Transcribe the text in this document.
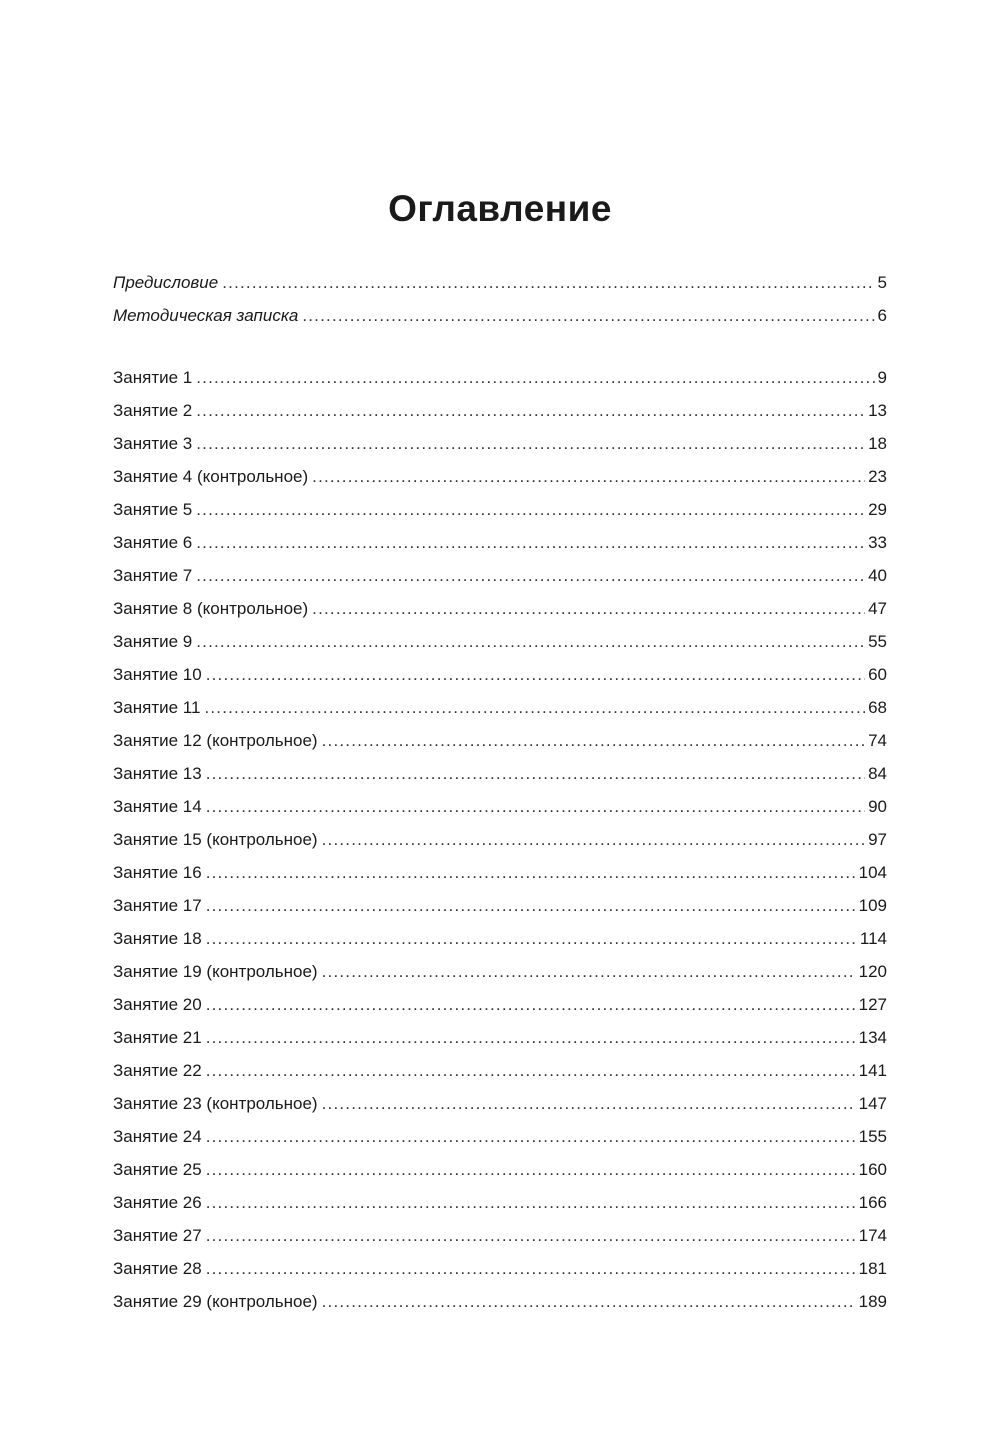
Оглавление
Предисловие .....	5
Методическая записка .....	6
Занятие 1 .....	9
Занятие 2 .....	13
Занятие 3 .....	18
Занятие 4 (контрольное) .....	23
Занятие 5 .....	29
Занятие 6 .....	33
Занятие 7 .....	40
Занятие 8 (контрольное) .....	47
Занятие 9 .....	55
Занятие 10 .....	60
Занятие 11 .....	68
Занятие 12 (контрольное) .....	74
Занятие 13 .....	84
Занятие 14 .....	90
Занятие 15 (контрольное) .....	97
Занятие 16 .....	104
Занятие 17 .....	109
Занятие 18 .....	114
Занятие 19 (контрольное) .....	120
Занятие 20 .....	127
Занятие 21 .....	134
Занятие 22 .....	141
Занятие 23 (контрольное) .....	147
Занятие 24 .....	155
Занятие 25 .....	160
Занятие 26 .....	166
Занятие 27 .....	174
Занятие 28 .....	181
Занятие 29 (контрольное) .....	189
